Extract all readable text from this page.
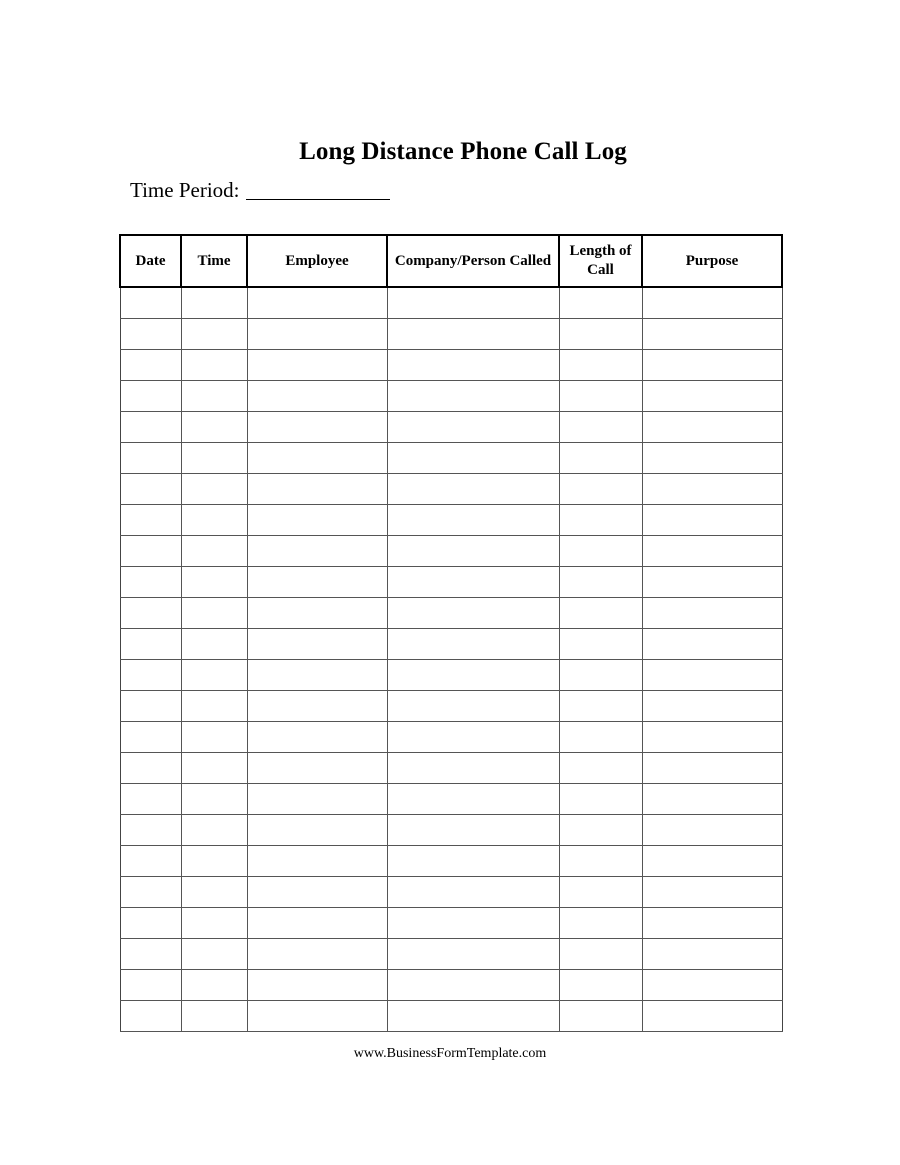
Long Distance Phone Call Log
Time Period:
Date	Time	Employee	Company/Person Called	Length of Call	Purpose

www.BusinessFormTemplate.com
